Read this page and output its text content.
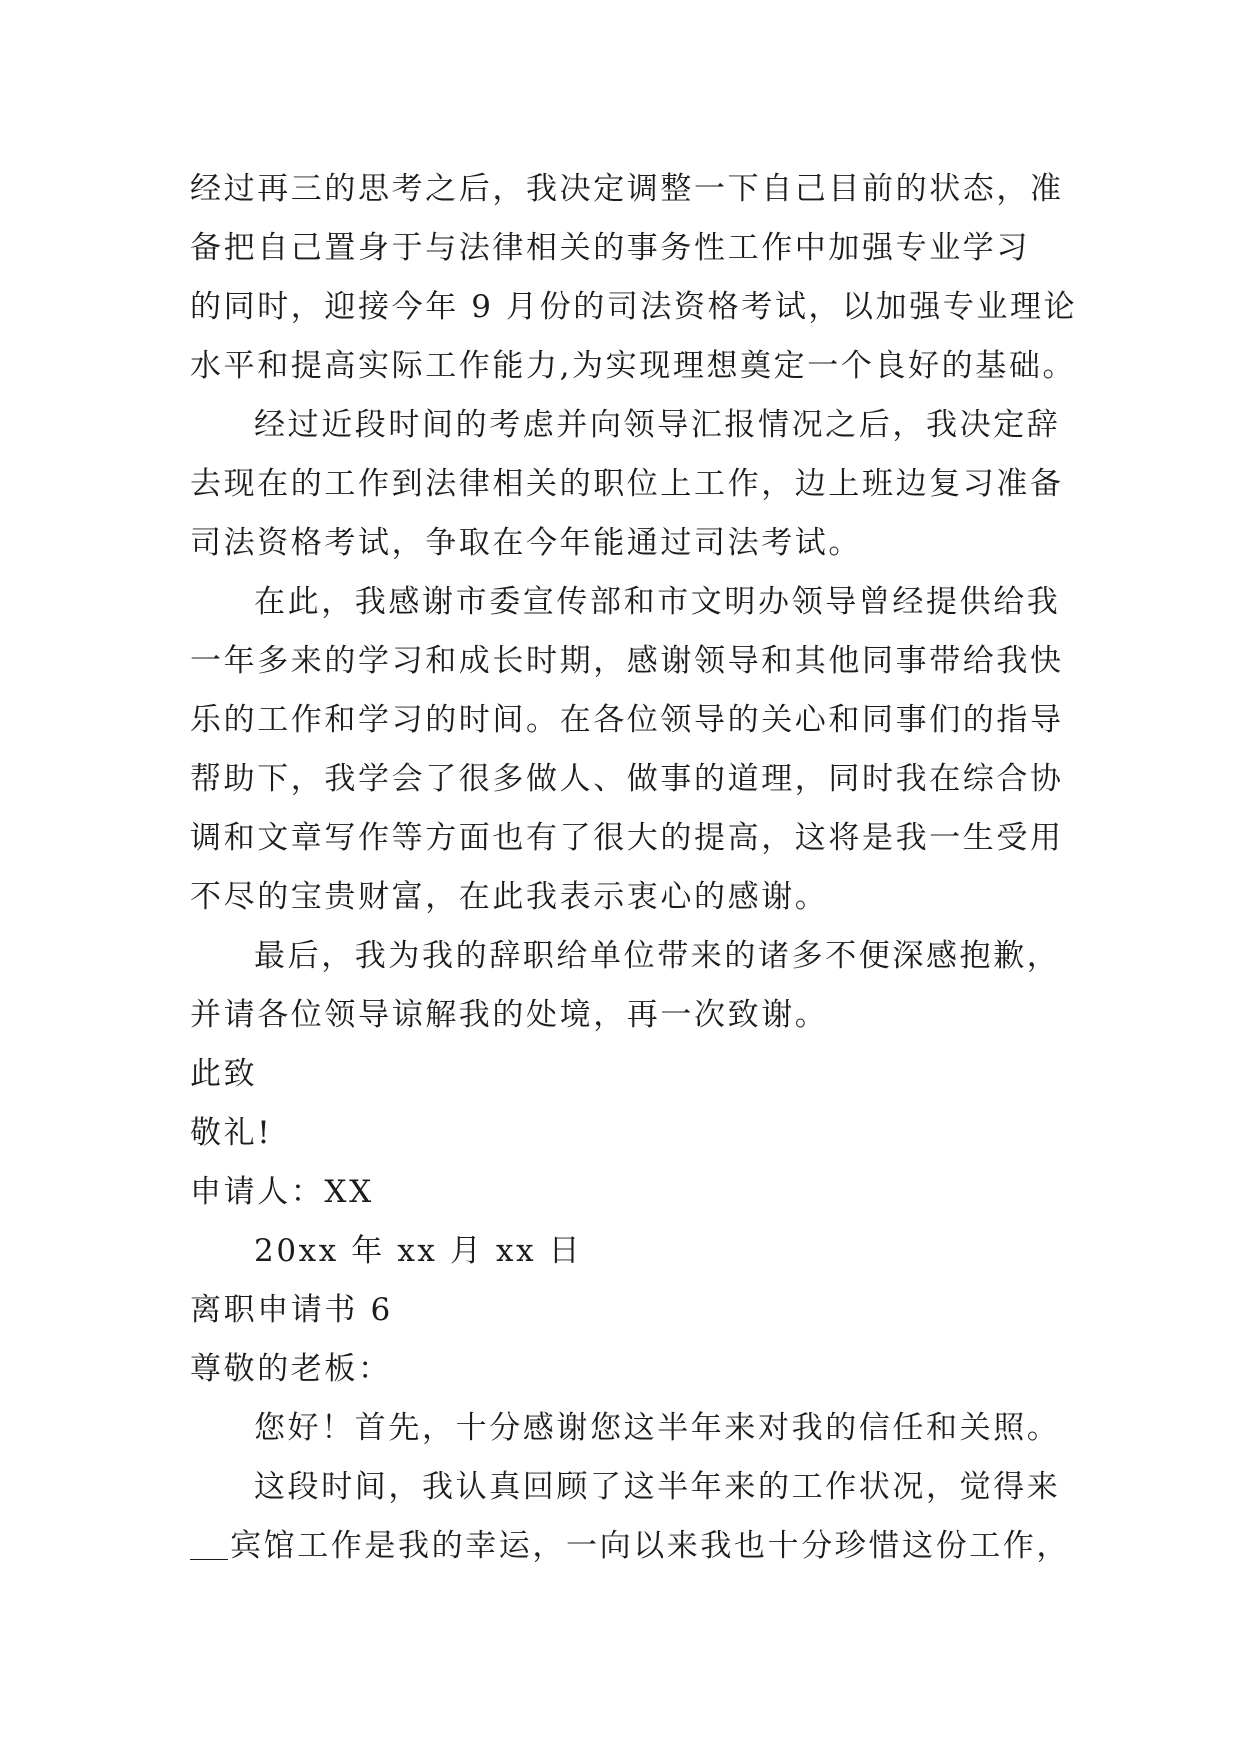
经过再三的思考之后，我决定调整一下自己目前的状态，准
备把自己置身于与法律相关的事务性工作中加强专业学习
的同时，迎接今年 9 月份的司法资格考试，以加强专业理论
水平和提高实际工作能力,为实现理想奠定一个良好的基础。
经过近段时间的考虑并向领导汇报情况之后，我决定辞
去现在的工作到法律相关的职位上工作，边上班边复习准备
司法资格考试，争取在今年能通过司法考试。
在此，我感谢市委宣传部和市文明办领导曾经提供给我
一年多来的学习和成长时期，感谢领导和其他同事带给我快
乐的工作和学习的时间。在各位领导的关心和同事们的指导
帮助下，我学会了很多做人、做事的道理，同时我在综合协
调和文章写作等方面也有了很大的提高，这将是我一生受用
不尽的宝贵财富，在此我表示衷心的感谢。
最后，我为我的辞职给单位带来的诸多不便深感抱歉，
并请各位领导谅解我的处境，再一次致谢。
此致
敬礼!
申请人：XX
20xx 年 xx 月 xx 日
离职申请书 6
尊敬的老板：
您好！首先，十分感谢您这半年来对我的信任和关照。
这段时间，我认真回顾了这半年来的工作状况，觉得来
宾馆工作是我的幸运，一向以来我也十分珍惜这份工作，
